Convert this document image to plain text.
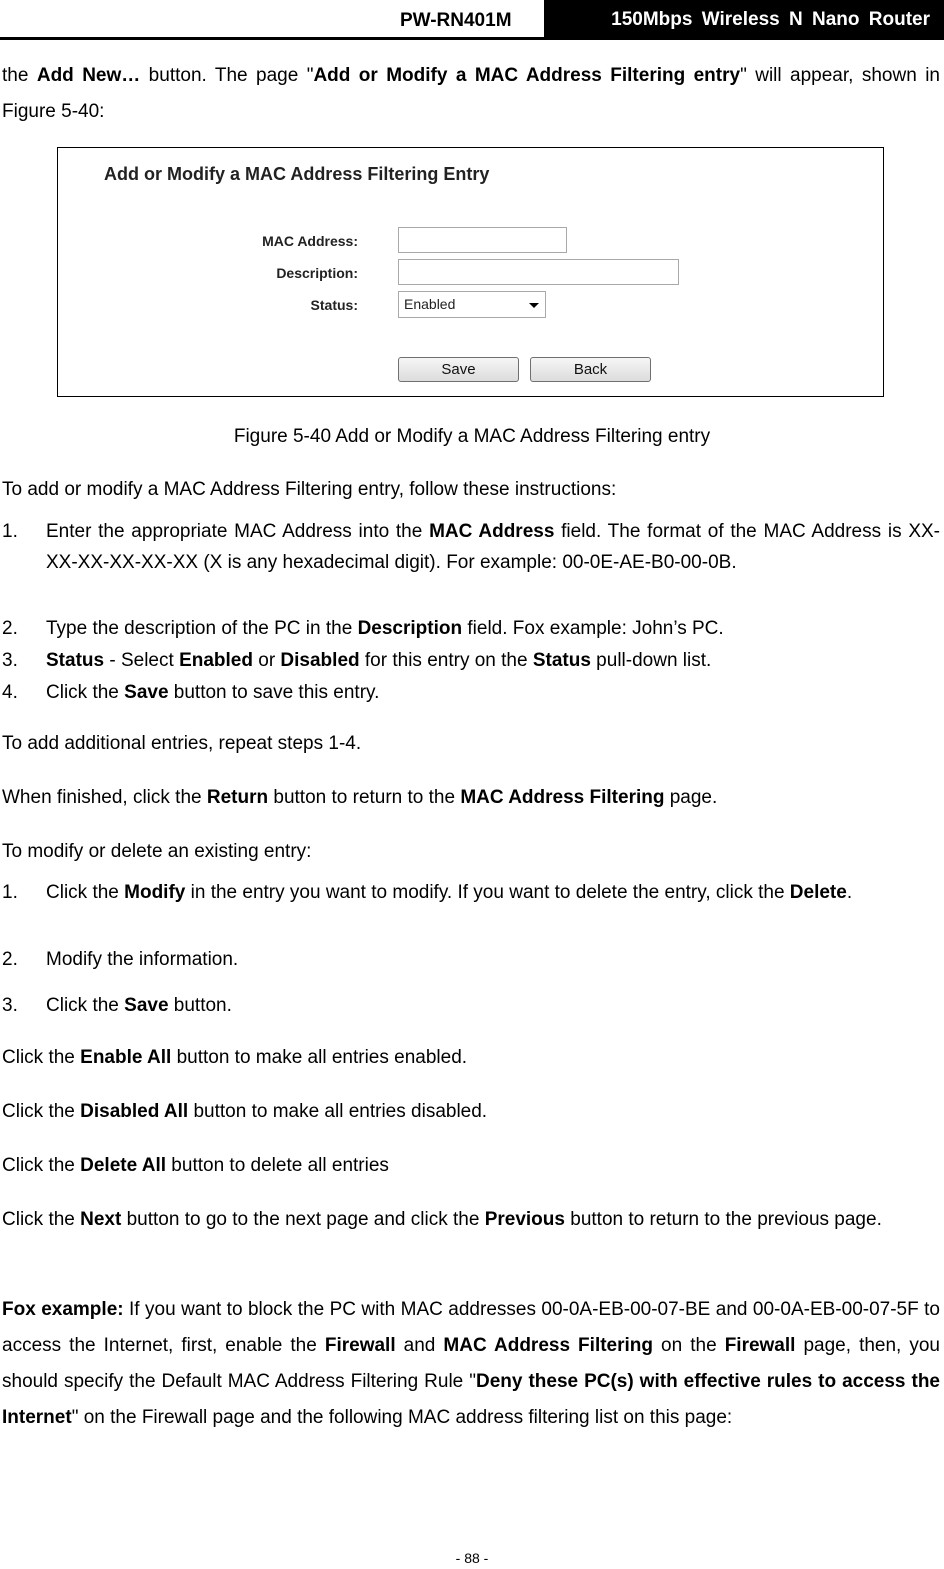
PW-RN401M	150Mbps Wireless N Nano Router
the Add New… button. The page "Add or Modify a MAC Address Filtering entry" will appear, shown in Figure 5-40:
Add or Modify a MAC Address Filtering Entry
MAC Address:
Description:
Status:	Enabled
Save	Back
Figure 5-40 Add or Modify a MAC Address Filtering entry
To add or modify a MAC Address Filtering entry, follow these instructions:
1. Enter the appropriate MAC Address into the MAC Address field. The format of the MAC Address is XX-XX-XX-XX-XX-XX (X is any hexadecimal digit). For example: 00-0E-AE-B0-00-0B.
2. Type the description of the PC in the Description field. Fox example: John’s PC.
3. Status - Select Enabled or Disabled for this entry on the Status pull-down list.
4. Click the Save button to save this entry.
To add additional entries, repeat steps 1-4.
When finished, click the Return button to return to the MAC Address Filtering page.
To modify or delete an existing entry:
1. Click the Modify in the entry you want to modify. If you want to delete the entry, click the Delete.
2. Modify the information.
3. Click the Save button.
Click the Enable All button to make all entries enabled.
Click the Disabled All button to make all entries disabled.
Click the Delete All button to delete all entries
Click the Next button to go to the next page and click the Previous button to return to the previous page.
Fox example: If you want to block the PC with MAC addresses 00-0A-EB-00-07-BE and 00-0A-EB-00-07-5F to access the Internet, first, enable the Firewall and MAC Address Filtering on the Firewall page, then, you should specify the Default MAC Address Filtering Rule "Deny these PC(s) with effective rules to access the Internet" on the Firewall page and the following MAC address filtering list on this page:
- 88 -
